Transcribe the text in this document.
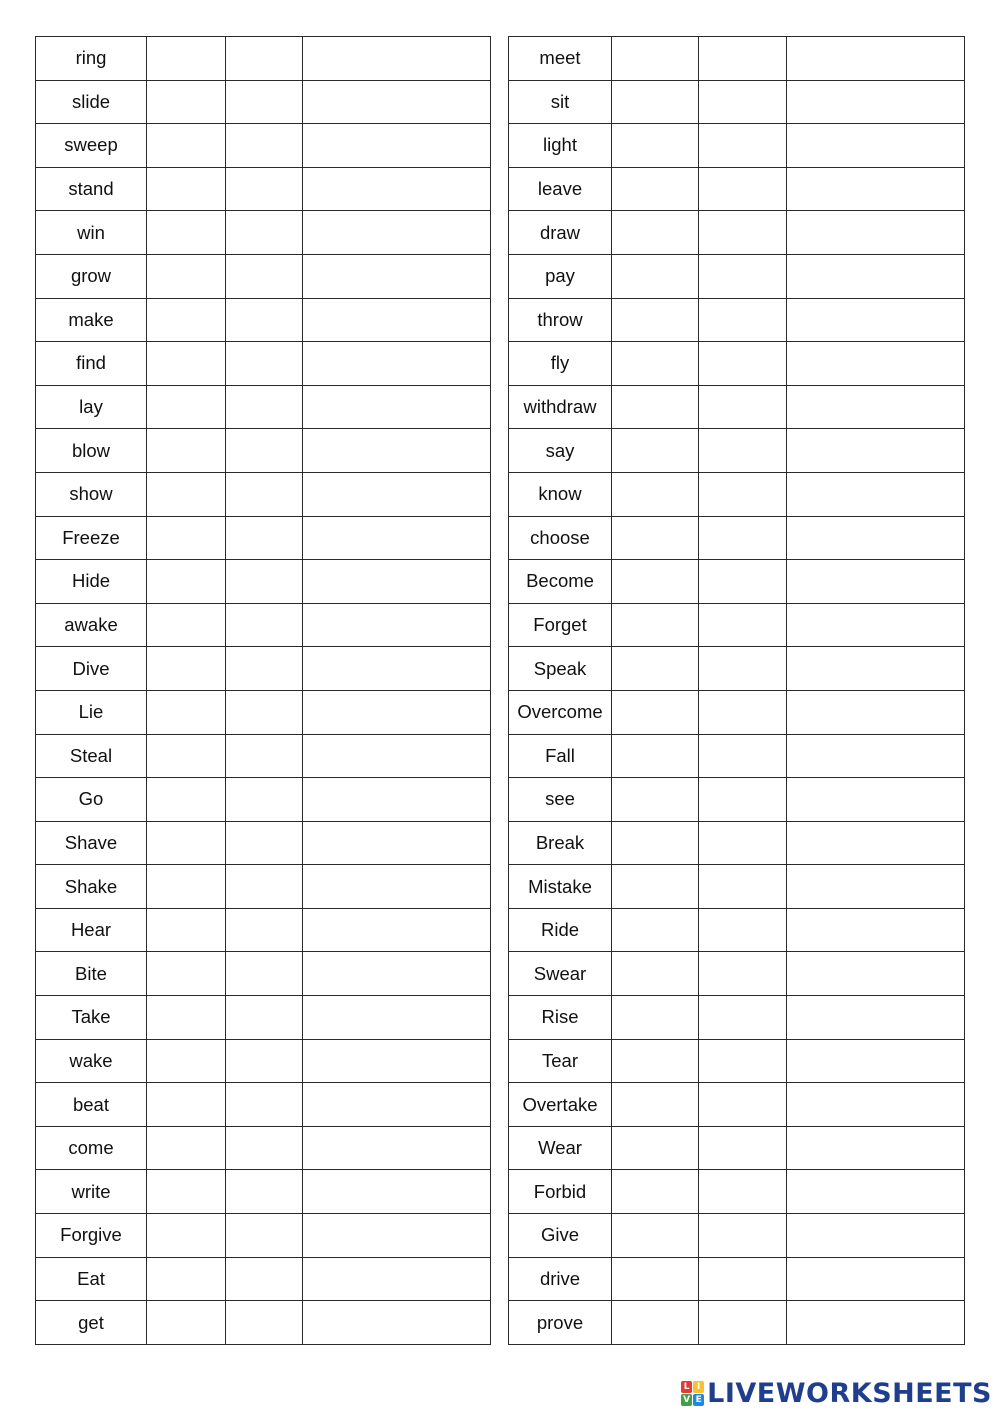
ring			
slide			
sweep			
stand			
win			
grow			
make			
find			
lay			
blow			
show			
Freeze			
Hide			
awake			
Dive			
Lie			
Steal			
Go			
Shave			
Shake			
Hear			
Bite			
Take			
wake			
beat			
come			
write			
Forgive			
Eat			
get			
meet			
sit			
light			
leave			
draw			
pay			
throw			
fly			
withdraw			
say			
know			
choose			
Become			
Forget			
Speak			
Overcome			
Fall			
see			
Break			
Mistake			
Ride			
Swear			
Rise			
Tear			
Overtake			
Wear			
Forbid			
Give			
drive			
prove			
L I
V E LIVEWORKSHEETS
